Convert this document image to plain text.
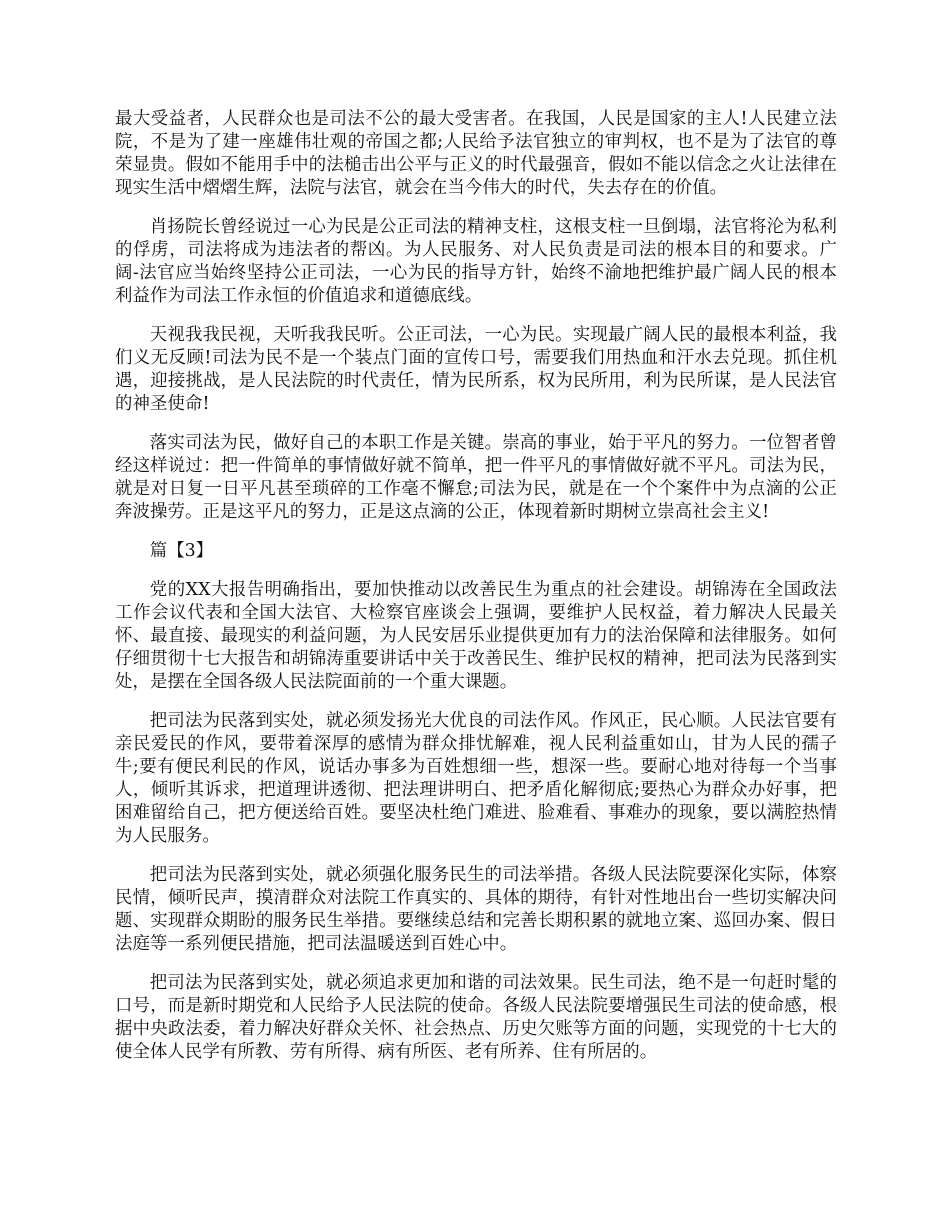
最大受益者，人民群众也是司法不公的最大受害者。在我国，人民是国家的主人!人民建立法院，不是为了建一座雄伟壮观的帝国之都;人民给予法官独立的审判权，也不是为了法官的尊荣显贵。假如不能用手中的法槌击出公平与正义的时代最强音，假如不能以信念之火让法律在现实生活中熠熠生辉，法院与法官，就会在当今伟大的时代，失去存在的价值。

肖扬院长曾经说过一心为民是公正司法的精神支柱，这根支柱一旦倒塌，法官将沦为私利的俘虏，司法将成为违法者的帮凶。为人民服务、对人民负责是司法的根本目的和要求。广阔-法官应当始终坚持公正司法，一心为民的指导方针，始终不渝地把维护最广阔人民的根本利益作为司法工作永恒的价值追求和道德底线。

天视我我民视，天听我我民听。公正司法，一心为民。实现最广阔人民的最根本利益，我们义无反顾!司法为民不是一个装点门面的宣传口号，需要我们用热血和汗水去兑现。抓住机遇，迎接挑战，是人民法院的时代责任，情为民所系，权为民所用，利为民所谋，是人民法官的神圣使命!

落实司法为民，做好自己的本职工作是关键。崇高的事业，始于平凡的努力。一位智者曾经这样说过：把一件简单的事情做好就不简单，把一件平凡的事情做好就不平凡。司法为民，就是对日复一日平凡甚至琐碎的工作毫不懈怠;司法为民，就是在一个个案件中为点滴的公正奔波操劳。正是这平凡的努力，正是这点滴的公正，体现着新时期树立崇高社会主义!

篇【3】

党的XX大报告明确指出，要加快推动以改善民生为重点的社会建设。胡锦涛在全国政法工作会议代表和全国大法官、大检察官座谈会上强调，要维护人民权益，着力解决人民最关怀、最直接、最现实的利益问题，为人民安居乐业提供更加有力的法治保障和法律服务。如何仔细贯彻十七大报告和胡锦涛重要讲话中关于改善民生、维护民权的精神，把司法为民落到实处，是摆在全国各级人民法院面前的一个重大课题。

把司法为民落到实处，就必须发扬光大优良的司法作风。作风正，民心顺。人民法官要有亲民爱民的作风，要带着深厚的感情为群众排忧解难，视人民利益重如山，甘为人民的孺子牛;要有便民利民的作风，说话办事多为百姓想细一些，想深一些。要耐心地对待每一个当事人，倾听其诉求，把道理讲透彻、把法理讲明白、把矛盾化解彻底;要热心为群众办好事，把困难留给自己，把方便送给百姓。要坚决杜绝门难进、脸难看、事难办的现象，要以满腔热情为人民服务。

把司法为民落到实处，就必须强化服务民生的司法举措。各级人民法院要深化实际，体察民情，倾听民声，摸清群众对法院工作真实的、具体的期待，有针对性地出台一些切实解决问题、实现群众期盼的服务民生举措。要继续总结和完善长期积累的就地立案、巡回办案、假日法庭等一系列便民措施，把司法温暖送到百姓心中。

把司法为民落到实处，就必须追求更加和谐的司法效果。民生司法，绝不是一句赶时髦的口号，而是新时期党和人民给予人民法院的使命。各级人民法院要增强民生司法的使命感，根据中央政法委，着力解决好群众关怀、社会热点、历史欠账等方面的问题，实现党的十七大的使全体人民学有所教、劳有所得、病有所医、老有所养、住有所居的。
